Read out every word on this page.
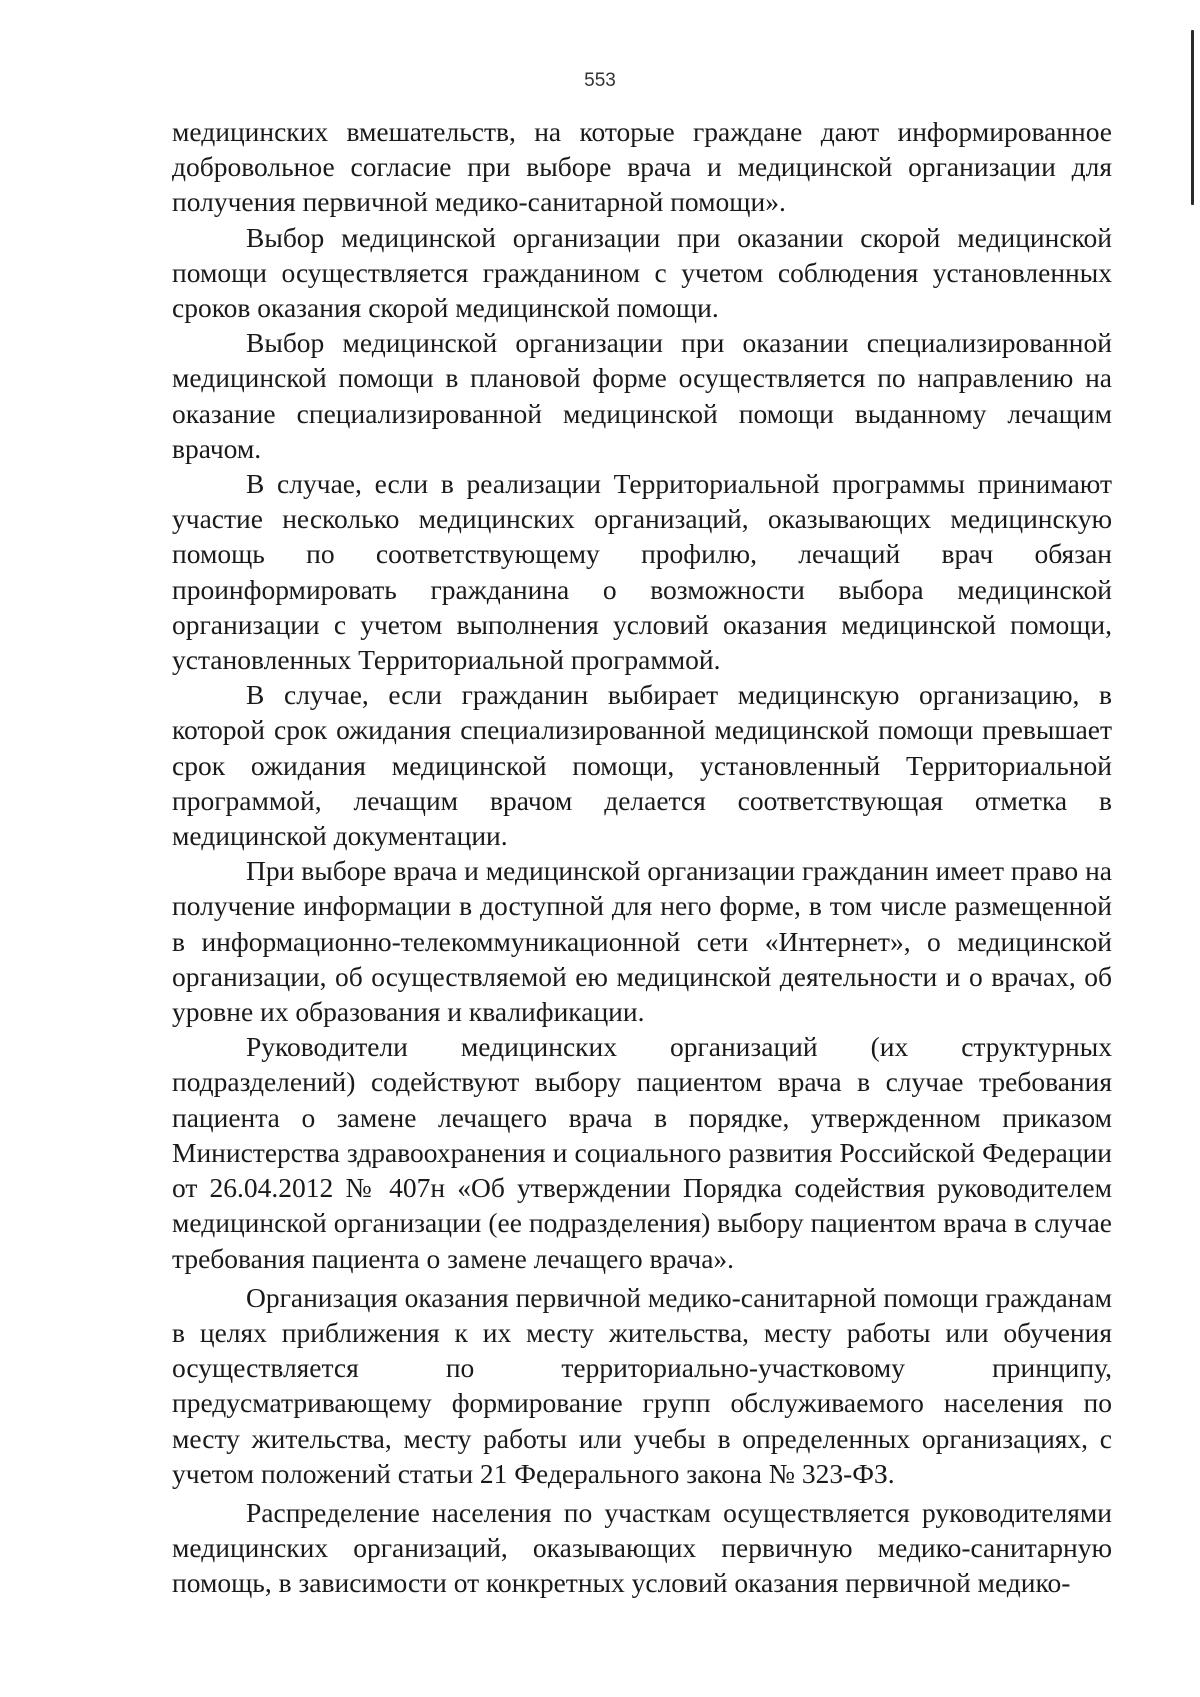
553

медицинских вмешательств, на которые граждане дают информированное добровольное согласие при выборе врача и медицинской организации для получения первичной медико-санитарной помощи».

Выбор медицинской организации при оказании скорой медицинской помощи осуществляется гражданином с учетом соблюдения установленных сроков оказания скорой медицинской помощи.

Выбор медицинской организации при оказании специализированной медицинской помощи в плановой форме осуществляется по направлению на оказание специализированной медицинской помощи выданному лечащим врачом.

В случае, если в реализации Территориальной программы принимают участие несколько медицинских организаций, оказывающих медицинскую помощь по соответствующему профилю, лечащий врач обязан проинформировать гражданина о возможности выбора медицинской организации с учетом выполнения условий оказания медицинской помощи, установленных Территориальной программой.

В случае, если гражданин выбирает медицинскую организацию, в которой срок ожидания специализированной медицинской помощи превышает срок ожидания медицинской помощи, установленный Территориальной программой, лечащим врачом делается соответствующая отметка в медицинской документации.

При выборе врача и медицинской организации гражданин имеет право на получение информации в доступной для него форме, в том числе размещенной в информационно-телекоммуникационной сети «Интернет», о медицинской организации, об осуществляемой ею медицинской деятельности и о врачах, об уровне их образования и квалификации.

Руководители медицинских организаций (их структурных подразделений) содействуют выбору пациентом врача в случае требования пациента о замене лечащего врача в порядке, утвержденном приказом Министерства здравоохранения и социального развития Российской Федерации от 26.04.2012 № 407н «Об утверждении Порядка содействия руководителем медицинской организации (ее подразделения) выбору пациентом врача в случае требования пациента о замене лечащего врача».

Организация оказания первичной медико-санитарной помощи гражданам в целях приближения к их месту жительства, месту работы или обучения осуществляется по территориально-участковому принципу, предусматривающему формирование групп обслуживаемого населения по месту жительства, месту работы или учебы в определенных организациях, с учетом положений статьи 21 Федерального закона № 323-ФЗ.

Распределение населения по участкам осуществляется руководителями медицинских организаций, оказывающих первичную медико-санитарную помощь, в зависимости от конкретных условий оказания первичной медико-
